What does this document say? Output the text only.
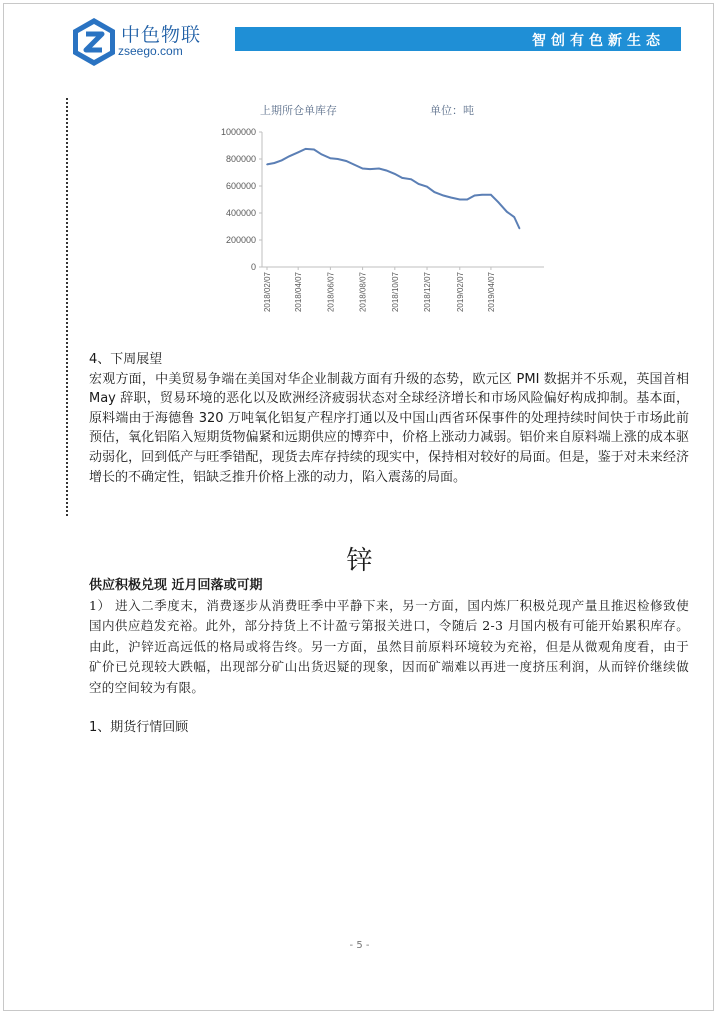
中色物联
zseego.com
智创有色新生态
上期所仓单库存	单位：吨
1000000
800000
600000
400000
200000
0
2018/02/07	2018/04/07	2018/06/07	2018/08/07	2018/10/07	2018/12/07	2019/02/07	2019/04/07

4、下周展望

宏观方面，中美贸易争端在美国对华企业制裁方面有升级的态势，欧元区 PMI 数据并不乐观，英国首相 May 辞职，贸易环境的恶化以及欧洲经济疲弱状态对全球经济增长和市场风险偏好构成抑制。基本面，原料端由于海德鲁 320 万吨氧化铝复产程序打通以及中国山西省环保事件的处理持续时间快于市场此前预估，氧化铝陷入短期货物偏紧和远期供应的博弈中，价格上涨动力减弱。铝价来自原料端上涨的成本驱动弱化，回到低产与旺季错配，现货去库存持续的现实中，保持相对较好的局面。但是，鉴于对未来经济增长的不确定性，铝缺乏推升价格上涨的动力，陷入震荡的局面。

锌

供应积极兑现 近月回落或可期

1） 进入二季度末，消费逐步从消费旺季中平静下来，另一方面，国内炼厂积极兑现产量且推迟检修致使国内供应趋发充裕。此外，部分持货上不计盈亏第报关进口，令随后 2-3 月国内极有可能开始累积库存。由此，沪锌近高远低的格局或将告终。另一方面，虽然目前原料环境较为充裕，但是从微观角度看，由于矿价已兑现较大跌幅，出现部分矿山出货迟疑的现象，因而矿端难以再进一度挤压利润，从而锌价继续做空的空间较为有限。

1、期货行情回顾

- 5 -
